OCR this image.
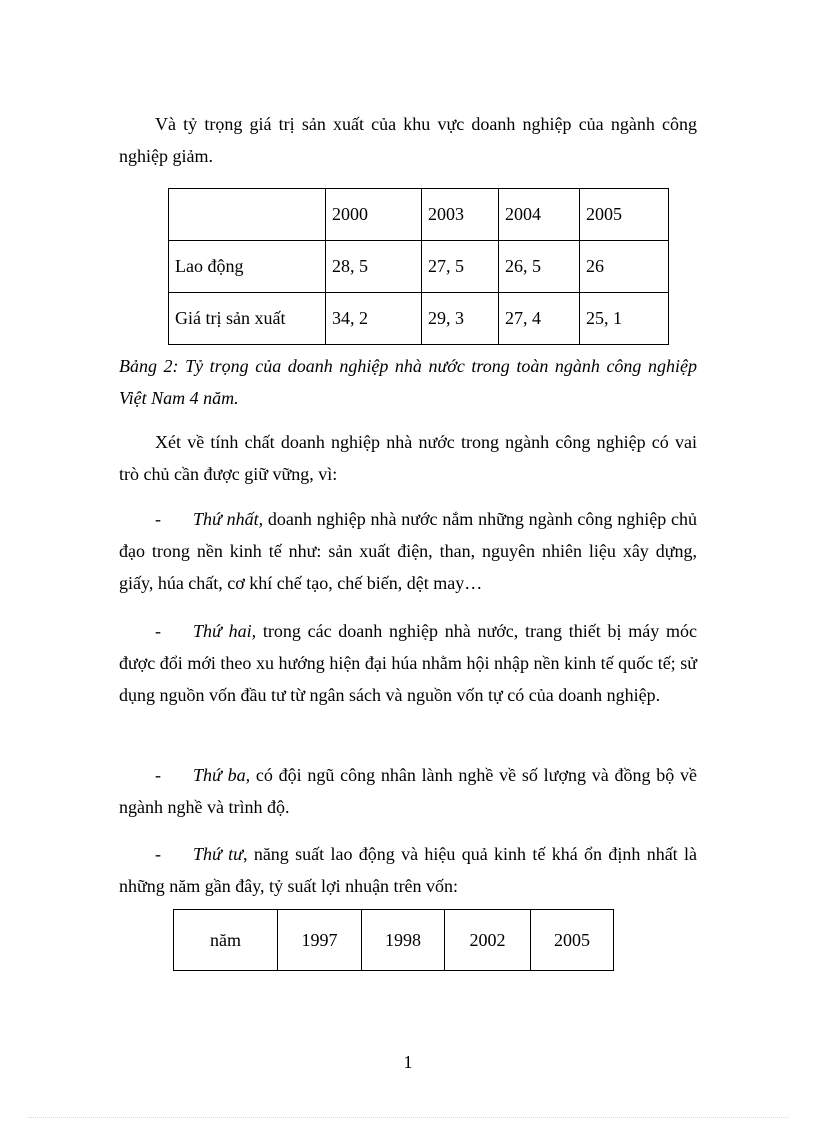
Và tỷ trọng giá trị sản xuất của khu vực doanh nghiệp của ngành công nghiệp giảm.

	2000	2003	2004	2005
Lao động	28, 5	27, 5	26, 5	26
Giá trị sản xuất	34, 2	29, 3	27, 4	25, 1

Bảng 2: Tỷ trọng của doanh nghiệp nhà nước trong toàn ngành công nghiệp Việt Nam 4 năm.

Xét về tính chất doanh nghiệp nhà nước trong ngành công nghiệp có vai trò chủ cần được giữ vững, vì:

- Thứ nhất, doanh nghiệp nhà nước nắm những ngành công nghiệp chủ đạo trong nền kinh tế như: sản xuất điện, than, nguyên nhiên liệu xây dựng, giấy, húa chất, cơ khí chế tạo, chế biến, dệt may…

- Thứ hai, trong các doanh nghiệp nhà nước, trang thiết bị máy móc được đổi mới theo xu hướng hiện đại húa nhằm hội nhập nền kinh tế quốc tế; sử dụng nguồn vốn đầu tư từ ngân sách và nguồn vốn tự có của doanh nghiệp.

- Thứ ba, có đội ngũ công nhân lành nghề về số lượng và đồng bộ về ngành nghề và trình độ.

- Thứ tư, năng suất lao động và hiệu quả kinh tế khá ổn định nhất là những năm gần đây, tỷ suất lợi nhuận trên vốn:

năm	1997	1998	2002	2005
1
